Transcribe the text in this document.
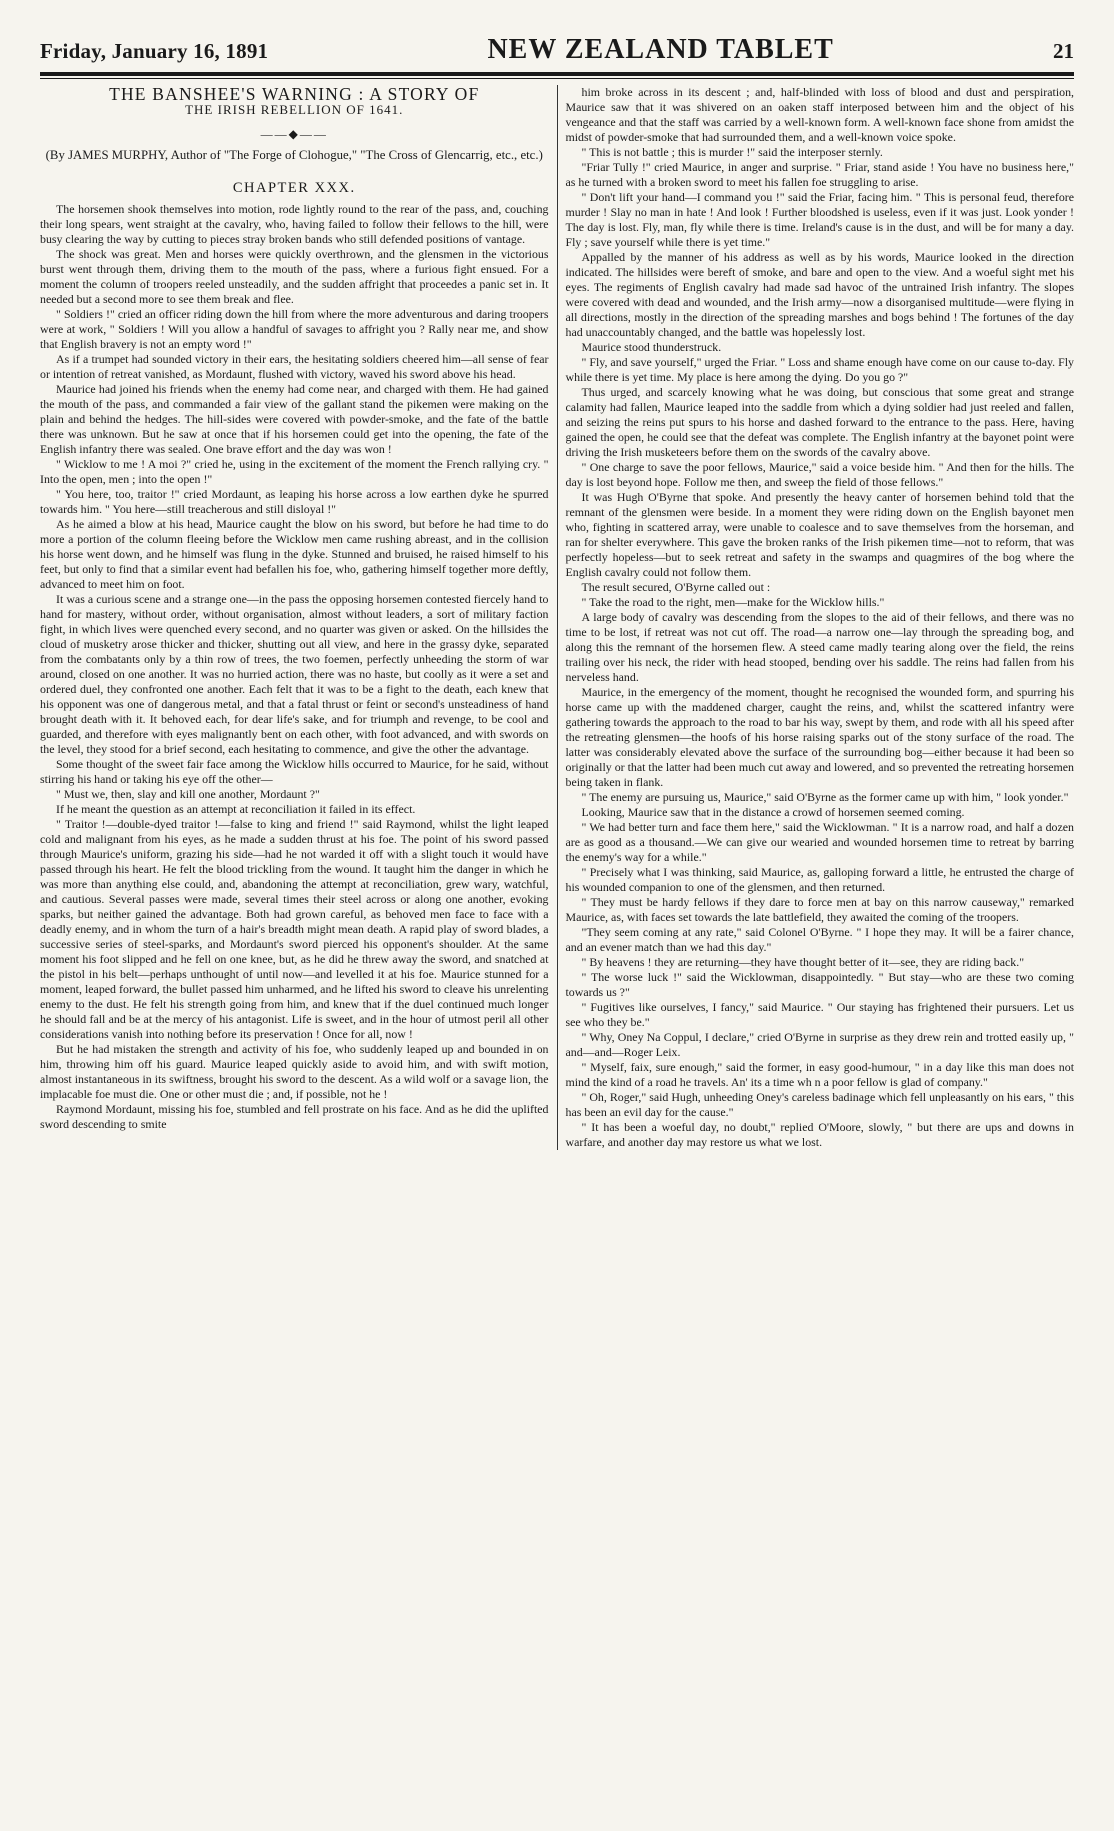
Friday, January 16, 1891	NEW ZEALAND TABLET	21
THE BANSHEE'S WARNING : A STORY OF
THE IRISH REBELLION OF 1641.
——◆——
(By JAMES MURPHY, Author of "The Forge of Clohogue," "The Cross of Glencarrig, etc., etc.)
CHAPTER XXX.

The horsemen shook themselves into motion, rode lightly round to the rear of the pass, and, couching their long spears, went straight at the cavalry, who, having failed to follow their fellows to the hill, were busy clearing the way by cutting to pieces stray broken bands who still defended positions of vantage.

The shock was great. Men and horses were quickly overthrown, and the glensmen in the victorious burst went through them, driving them to the mouth of the pass, where a furious fight ensued. For a moment the column of troopers reeled unsteadily, and the sudden affright that proceedes a panic set in. It needed but a second more to see them break and flee.

" Soldiers !" cried an officer riding down the hill from where the more adventurous and daring troopers were at work, " Soldiers ! Will you allow a handful of savages to affright you ? Rally near me, and show that English bravery is not an empty word !"

As if a trumpet had sounded victory in their ears, the hesitating soldiers cheered him—all sense of fear or intention of retreat vanished, as Mordaunt, flushed with victory, waved his sword above his head.

Maurice had joined his friends when the enemy had come near, and charged with them. He had gained the mouth of the pass, and commanded a fair view of the gallant stand the pikemen were making on the plain and behind the hedges. The hill-sides were covered with powder-smoke, and the fate of the battle there was unknown. But he saw at once that if his horsemen could get into the opening, the fate of the English infantry there was sealed. One brave effort and the day was won !

" Wicklow to me ! A moi ?" cried he, using in the excitement of the moment the French rallying cry. " Into the open, men ; into the open !"

" You here, too, traitor !" cried Mordaunt, as leaping his horse across a low earthen dyke he spurred towards him. " You here—still treacherous and still disloyal !"

As he aimed a blow at his head, Maurice caught the blow on his sword, but before he had time to do more a portion of the column fleeing before the Wicklow men came rushing abreast, and in the collision his horse went down, and he himself was flung in the dyke. Stunned and bruised, he raised himself to his feet, but only to find that a similar event had befallen his foe, who, gathering himself together more deftly, advanced to meet him on foot.

It was a curious scene and a strange one—in the pass the opposing horsemen contested fiercely hand to hand for mastery, without order, without organisation, almost without leaders, a sort of military faction fight, in which lives were quenched every second, and no quarter was given or asked. On the hillsides the cloud of musketry arose thicker and thicker, shutting out all view, and here in the grassy dyke, separated from the combatants only by a thin row of trees, the two foemen, perfectly unheeding the storm of war around, closed on one another. It was no hurried action, there was no haste, but coolly as it were a set and ordered duel, they confronted one another. Each felt that it was to be a fight to the death, each knew that his opponent was one of dangerous metal, and that a fatal thrust or feint or second's unsteadiness of hand brought death with it. It behoved each, for dear life's sake, and for triumph and revenge, to be cool and guarded, and therefore with eyes malignantly bent on each other, with foot advanced, and with swords on the level, they stood for a brief second, each hesitating to commence, and give the other the advantage.

Some thought of the sweet fair face among the Wicklow hills occurred to Maurice, for he said, without stirring his hand or taking his eye off the other—

" Must we, then, slay and kill one another, Mordaunt ?"

If he meant the question as an attempt at reconciliation it failed in its effect.

" Traitor !—double-dyed traitor !—false to king and friend !" said Raymond, whilst the light leaped cold and malignant from his eyes, as he made a sudden thrust at his foe. The point of his sword passed through Maurice's uniform, grazing his side—had he not warded it off with a slight touch it would have passed through his heart. He felt the blood trickling from the wound. It taught him the danger in which he was more than anything else could, and, abandoning the attempt at reconciliation, grew wary, watchful, and cautious. Several passes were made, several times their steel across or along one another, evoking sparks, but neither gained the advantage. Both had grown careful, as behoved men face to face with a deadly enemy, and in whom the turn of a hair's breadth might mean death. A rapid play of sword blades, a successive series of steel-sparks, and Mordaunt's sword pierced his opponent's shoulder. At the same moment his foot slipped and he fell on one knee, but, as he did he threw away the sword, and snatched at the pistol in his belt—perhaps unthought of until now—and levelled it at his foe. Maurice stunned for a moment, leaped forward, the bullet passed him unharmed, and he lifted his sword to cleave his unrelenting enemy to the dust. He felt his strength going from him, and knew that if the duel continued much longer he should fall and be at the mercy of his antagonist. Life is sweet, and in the hour of utmost peril all other considerations vanish into nothing before its preservation ! Once for all, now !

But he had mistaken the strength and activity of his foe, who suddenly leaped up and bounded in on him, throwing him off his guard. Maurice leaped quickly aside to avoid him, and with swift motion, almost instantaneous in its swiftness, brought his sword to the descent. As a wild wolf or a savage lion, the implacable foe must die. One or other must die ; and, if possible, not he !

Raymond Mordaunt, missing his foe, stumbled and fell prostrate on his face. And as he did the uplifted sword descending to smite

him broke across in its descent ; and, half-blinded with loss of blood and dust and perspiration, Maurice saw that it was shivered on an oaken staff interposed between him and the object of his vengeance and that the staff was carried by a well-known form. A well-known face shone from amidst the midst of powder-smoke that had surrounded them, and a well-known voice spoke.

" This is not battle ; this is murder !" said the interposer sternly.

"Friar Tully !" cried Maurice, in anger and surprise. " Friar, stand aside ! You have no business here," as he turned with a broken sword to meet his fallen foe struggling to arise.

" Don't lift your hand—I command you !" said the Friar, facing him. " This is personal feud, therefore murder ! Slay no man in hate ! And look ! Further bloodshed is useless, even if it was just. Look yonder ! The day is lost. Fly, man, fly while there is time. Ireland's cause is in the dust, and will be for many a day. Fly ; save yourself while there is yet time."

Appalled by the manner of his address as well as by his words, Maurice looked in the direction indicated. The hillsides were bereft of smoke, and bare and open to the view. And a woeful sight met his eyes. The regiments of English cavalry had made sad havoc of the untrained Irish infantry. The slopes were covered with dead and wounded, and the Irish army—now a disorganised multitude—were flying in all directions, mostly in the direction of the spreading marshes and bogs behind ! The fortunes of the day had unaccountably changed, and the battle was hopelessly lost.

Maurice stood thunderstruck.

" Fly, and save yourself," urged the Friar. " Loss and shame enough have come on our cause to-day. Fly while there is yet time. My place is here among the dying. Do you go ?"

Thus urged, and scarcely knowing what he was doing, but conscious that some great and strange calamity had fallen, Maurice leaped into the saddle from which a dying soldier had just reeled and fallen, and seizing the reins put spurs to his horse and dashed forward to the entrance to the pass. Here, having gained the open, he could see that the defeat was complete. The English infantry at the bayonet point were driving the Irish musketeers before them on the swords of the cavalry above.

" One charge to save the poor fellows, Maurice," said a voice beside him. " And then for the hills. The day is lost beyond hope. Follow me then, and sweep the field of those fellows."

It was Hugh O'Byrne that spoke. And presently the heavy canter of horsemen behind told that the remnant of the glensmen were beside. In a moment they were riding down on the English bayonet men who, fighting in scattered array, were unable to coalesce and to save themselves from the horseman, and ran for shelter everywhere. This gave the broken ranks of the Irish pikemen time—not to reform, that was perfectly hopeless—but to seek retreat and safety in the swamps and quagmires of the bog where the English cavalry could not follow them.

The result secured, O'Byrne called out :

" Take the road to the right, men—make for the Wicklow hills."

A large body of cavalry was descending from the slopes to the aid of their fellows, and there was no time to be lost, if retreat was not cut off. The road—a narrow one—lay through the spreading bog, and along this the remnant of the horsemen flew. A steed came madly tearing along over the field, the reins trailing over his neck, the rider with head stooped, bending over his saddle. The reins had fallen from his nerveless hand.

Maurice, in the emergency of the moment, thought he recognised the wounded form, and spurring his horse came up with the maddened charger, caught the reins, and, whilst the scattered infantry were gathering towards the approach to the road to bar his way, swept by them, and rode with all his speed after the retreating glensmen—the hoofs of his horse raising sparks out of the stony surface of the road. The latter was considerably elevated above the surface of the surrounding bog—either because it had been so originally or that the latter had been much cut away and lowered, and so prevented the retreating horsemen being taken in flank.

" The enemy are pursuing us, Maurice," said O'Byrne as the former came up with him, " look yonder."

Looking, Maurice saw that in the distance a crowd of horsemen seemed coming.

" We had better turn and face them here," said the Wicklowman. " It is a narrow road, and half a dozen are as good as a thousand.—We can give our wearied and wounded horsemen time to retreat by barring the enemy's way for a while."

" Precisely what I was thinking, said Maurice, as, galloping forward a little, he entrusted the charge of his wounded companion to one of the glensmen, and then returned.

" They must be hardy fellows if they dare to force men at bay on this narrow causeway," remarked Maurice, as, with faces set towards the late battlefield, they awaited the coming of the troopers.

"They seem coming at any rate," said Colonel O'Byrne. " I hope they may. It will be a fairer chance, and an evener match than we had this day."

" By heavens ! they are returning—they have thought better of it—see, they are riding back."

" The worse luck !" said the Wicklowman, disappointedly. " But stay—who are these two coming towards us ?"

" Fugitives like ourselves, I fancy," said Maurice. " Our staying has frightened their pursuers. Let us see who they be."

" Why, Oney Na Coppul, I declare," cried O'Byrne in surprise as they drew rein and trotted easily up, " and—and—Roger Leix.

" Myself, faix, sure enough," said the former, in easy good-humour, " in a day like this man does not mind the kind of a road he travels. An' its a time wh n a poor fellow is glad of company."

" Oh, Roger," said Hugh, unheeding Oney's careless badinage which fell unpleasantly on his ears, " this has been an evil day for the cause."

" It has been a woeful day, no doubt," replied O'Moore, slowly, " but there are ups and downs in warfare, and another day may restore us what we lost.
